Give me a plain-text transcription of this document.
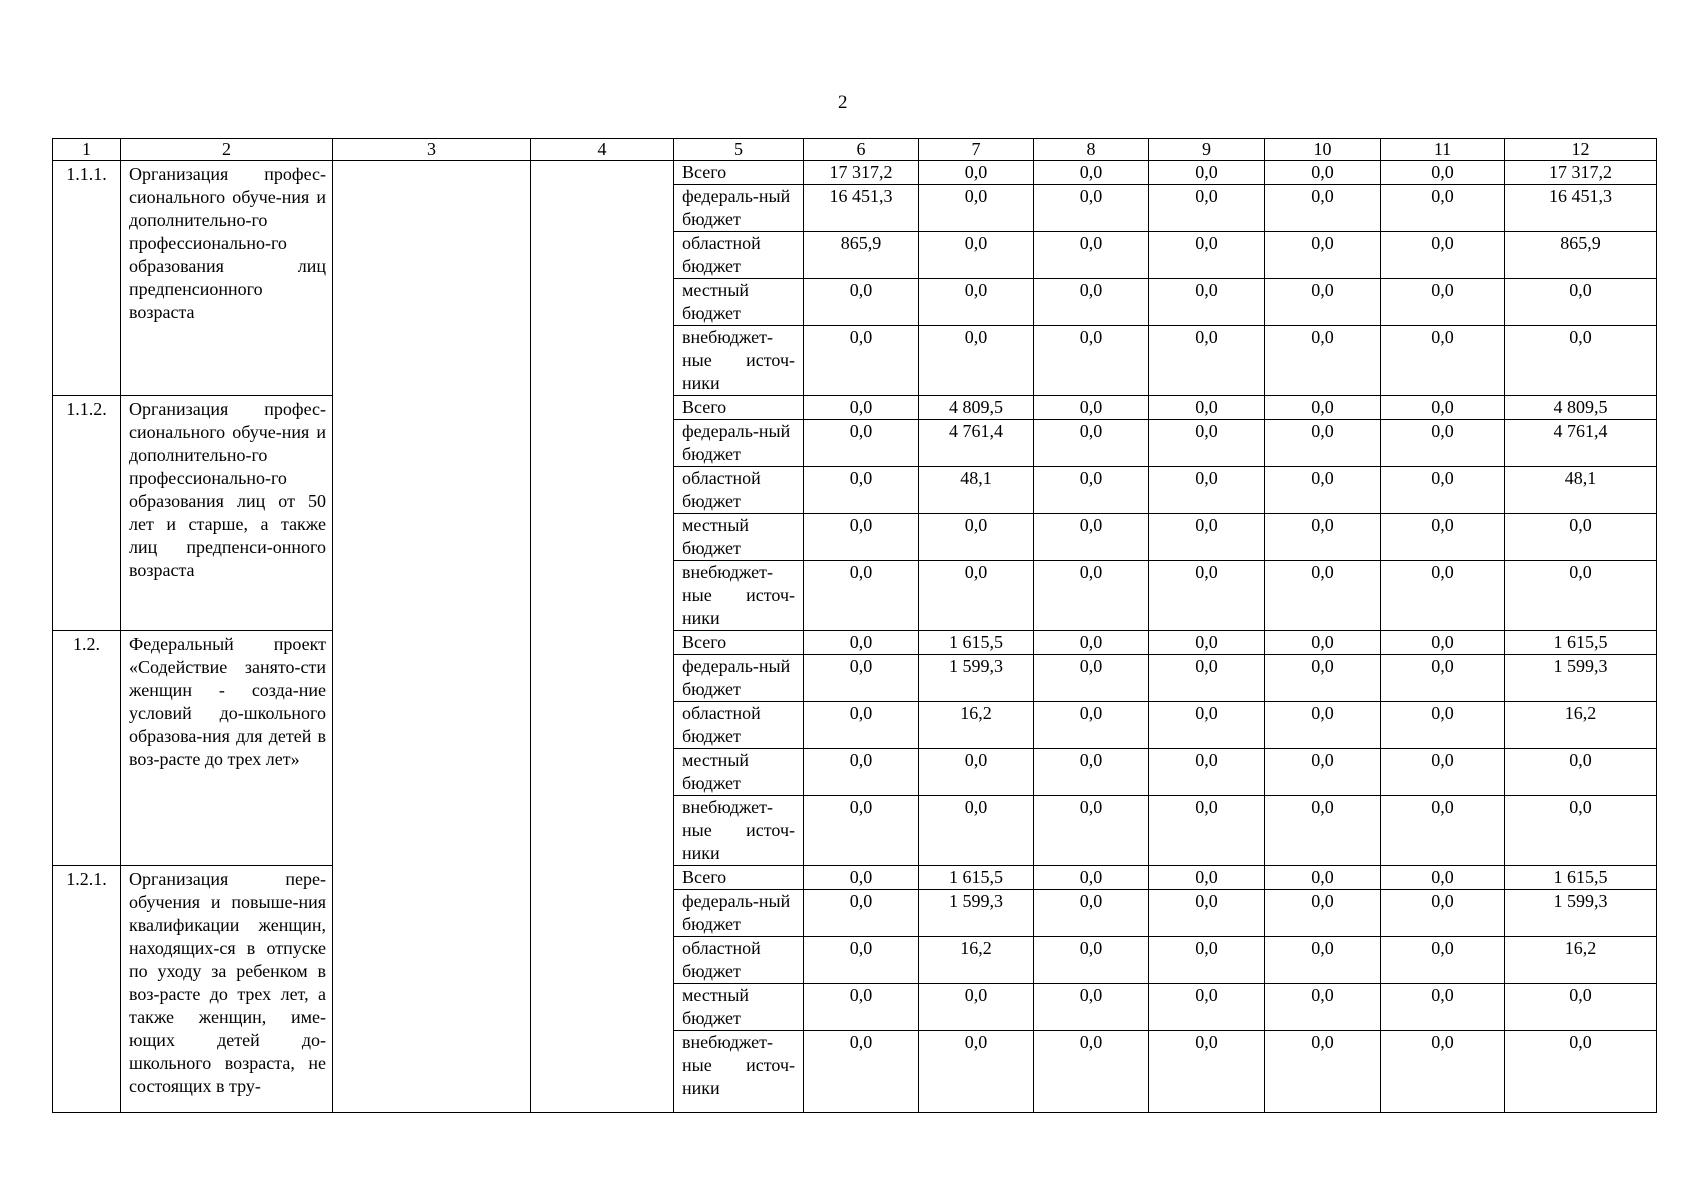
2
1	2	3	4	5	6	7	8	9	10	11	12
1.1.1.	Организация профес-сионального обуче-ния и дополнительно-го профессионально-го образования лиц предпенсионного возраста			Всего	17 317,2	0,0	0,0	0,0	0,0	0,0	17 317,2
				федераль-ный бюджет	16 451,3	0,0	0,0	0,0	0,0	0,0	16 451,3
				областной бюджет	865,9	0,0	0,0	0,0	0,0	0,0	865,9
				местный бюджет	0,0	0,0	0,0	0,0	0,0	0,0	0,0
				внебюджет-ные источ-ники	0,0	0,0	0,0	0,0	0,0	0,0	0,0
1.1.2.	Организация профес-сионального обуче-ния и дополнительно-го профессионально-го образования лиц от 50 лет и старше, а также лиц предпенси-онного возраста			Всего	0,0	4 809,5	0,0	0,0	0,0	0,0	4 809,5
				федераль-ный бюджет	0,0	4 761,4	0,0	0,0	0,0	0,0	4 761,4
				областной бюджет	0,0	48,1	0,0	0,0	0,0	0,0	48,1
				местный бюджет	0,0	0,0	0,0	0,0	0,0	0,0	0,0
				внебюджет-ные источ-ники	0,0	0,0	0,0	0,0	0,0	0,0	0,0
1.2.	Федеральный проект «Содействие занято-сти женщин - созда-ние условий до-школьного образова-ния для детей в воз-расте до трех лет»			Всего	0,0	1 615,5	0,0	0,0	0,0	0,0	1 615,5
				федераль-ный бюджет	0,0	1 599,3	0,0	0,0	0,0	0,0	1 599,3
				областной бюджет	0,0	16,2	0,0	0,0	0,0	0,0	16,2
				местный бюджет	0,0	0,0	0,0	0,0	0,0	0,0	0,0
				внебюджет-ные источ-ники	0,0	0,0	0,0	0,0	0,0	0,0	0,0
1.2.1.	Организация пере-обучения и повыше-ния квалификации женщин, находящих-ся в отпуске по уходу за ребенком в воз-расте до трех лет, а также женщин, име-ющих детей до-школьного возраста, не состоящих в тру-			Всего	0,0	1 615,5	0,0	0,0	0,0	0,0	1 615,5
				федераль-ный бюджет	0,0	1 599,3	0,0	0,0	0,0	0,0	1 599,3
				областной бюджет	0,0	16,2	0,0	0,0	0,0	0,0	16,2
				местный бюджет	0,0	0,0	0,0	0,0	0,0	0,0	0,0
				внебюджет-ные источ-ники	0,0	0,0	0,0	0,0	0,0	0,0	0,0
